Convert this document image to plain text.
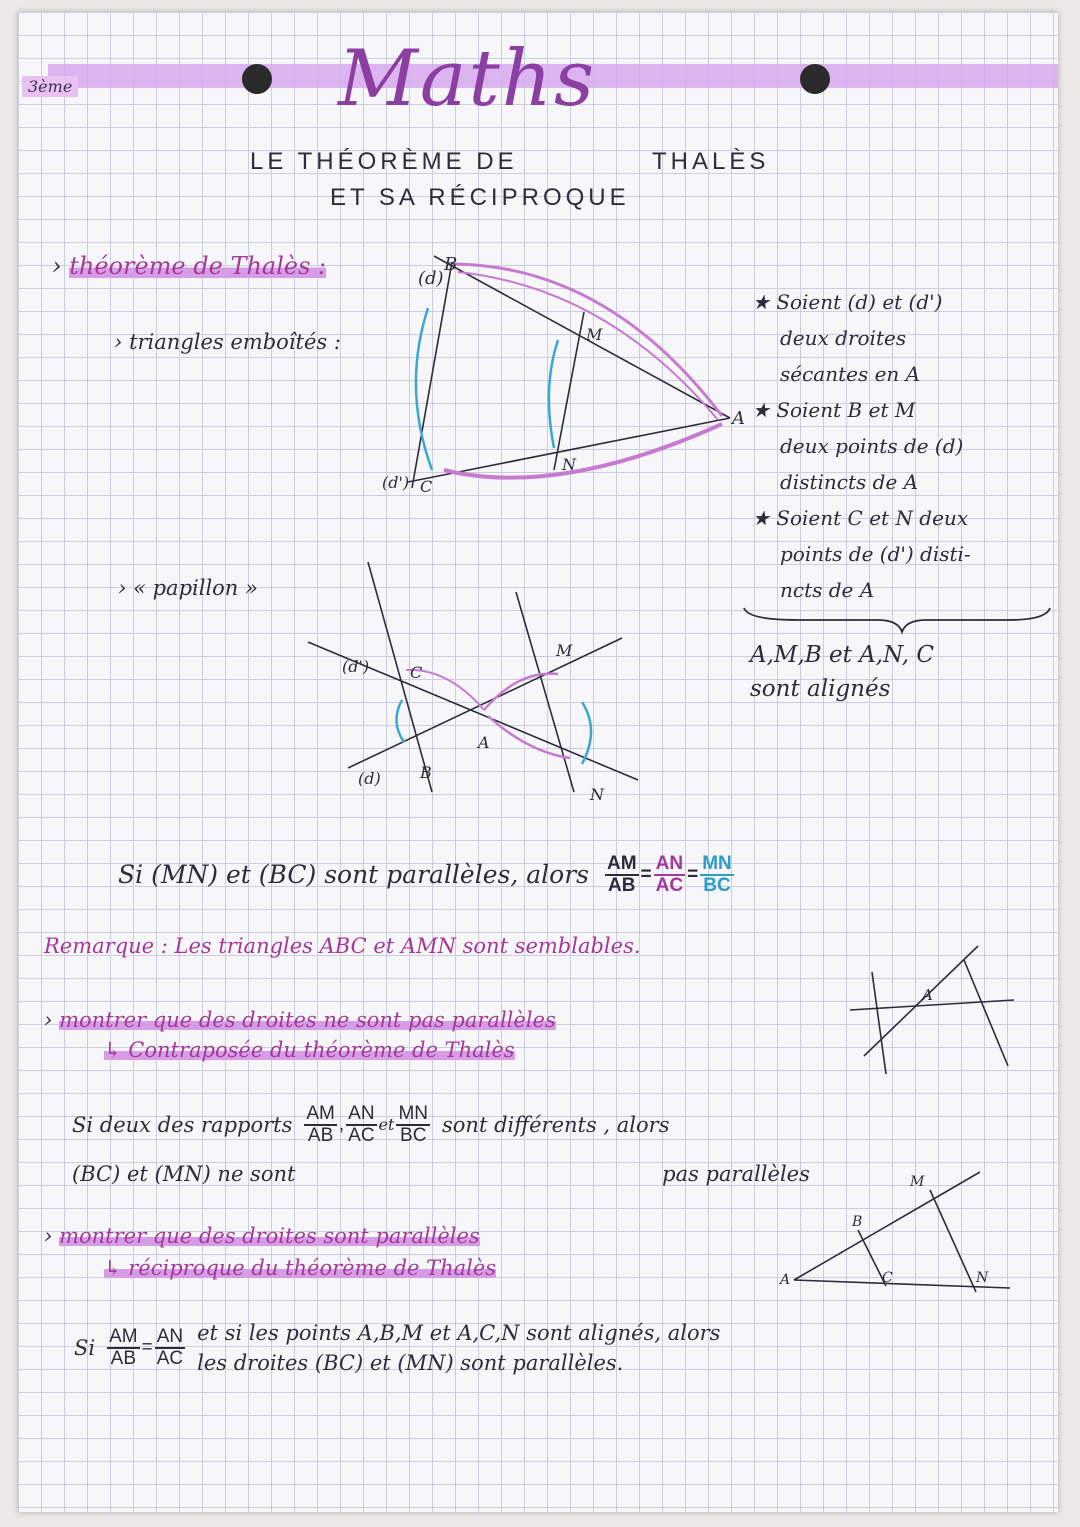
3ème	Maths
LE THÉORÈME DE	THALÈS
ET SA RÉCIPROQUE
› théorème de Thalès :
› triangles emboîtés :
› « papillon »
(d)
B
M
A
N
(d') C
(d')	C
M
A
(d) B
N
★ Soient (d) et (d')
deux droites
sécantes en A
★ Soient B et M
deux points de (d)
distincts de A
★ Soient C et N deux
points de (d') disti-
ncts de A
A,M,B et A,N, C
sont alignés
Si (MN) et (BC) sont parallèles, alors $\frac{AM}{AB} = \frac{AN}{AC} = \frac{MN}{BC}$
Remarque : Les triangles ABC et AMN sont semblables.
› montrer que des droites ne sont pas parallèles
↳ Contraposée du théorème de Thalès
A
Si deux des rapports $\frac{AM}{AB}$ , $\frac{AN}{AC}$ et $\frac{MN}{BC}$ sont différents , alors
(BC) et (MN) ne sont	pas parallèles
› montrer que des droites sont parallèles
↳ réciproque du théorème de Thalès
M
B
A	C	N
Si $\frac{AM}{AB} = \frac{AN}{AC}$ et si les points A,B,M et A,C,N sont alignés, alors
les droites (BC) et (MN) sont parallèles.
